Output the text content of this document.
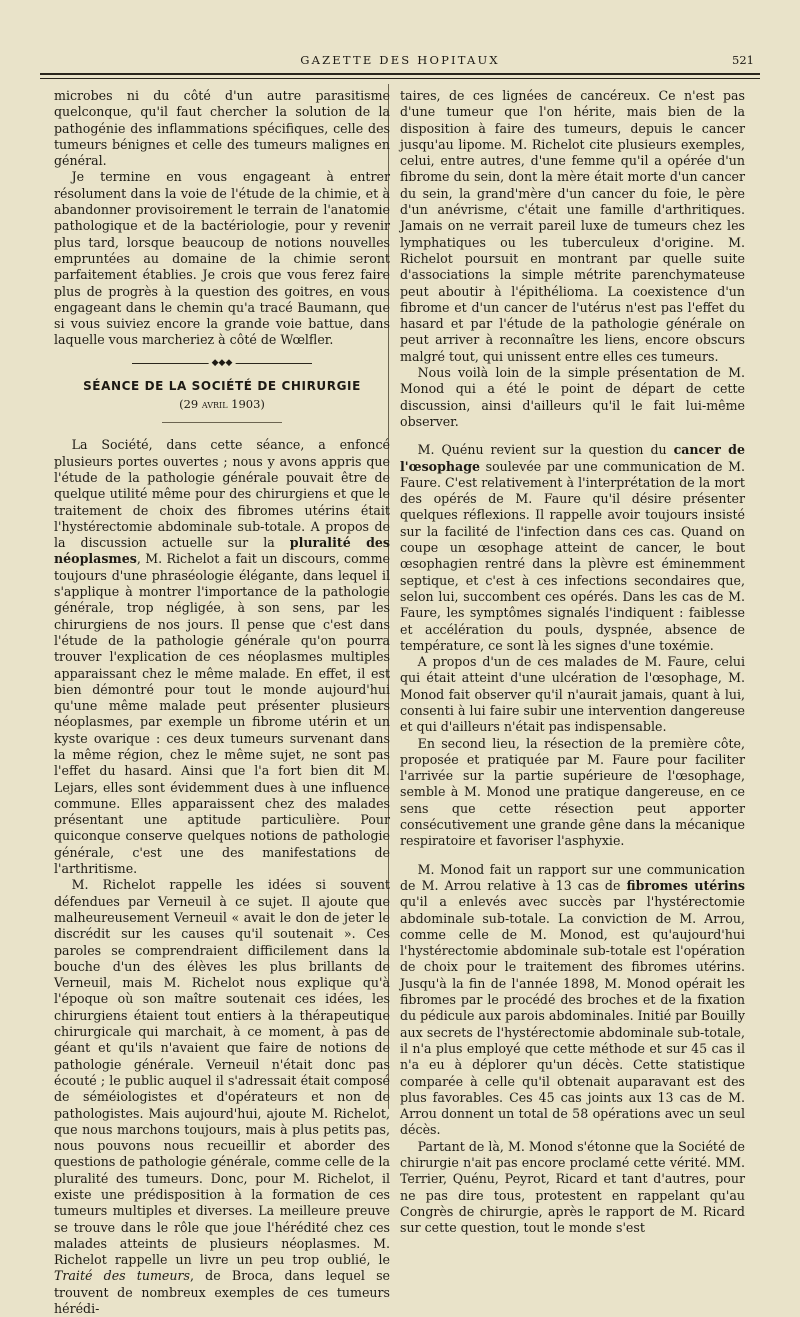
GAZETTE DES HOPITAUX	521

microbes ni du côté d'un autre parasitisme quelconque, qu'il faut chercher la solution de la pathogénie des inflammations spécifiques, celle des tumeurs bénignes et celle des tumeurs malignes en général.

Je termine en vous engageant à entrer résolument dans la voie de l'étude de la chimie, et à abandonner provisoirement le terrain de l'anatomie pathologique et de la bactériologie, pour y revenir plus tard, lorsque beaucoup de notions nouvelles empruntées au domaine de la chimie seront parfaitement établies. Je crois que vous ferez faire plus de progrès à la question des goitres, en vous engageant dans le chemin qu'a tracé Baumann, que si vous suiviez encore la grande voie battue, dans laquelle vous marcheriez à côté de Wœlfler.

◆◆◆
SÉANCE DE LA SOCIÉTÉ DE CHIRURGIE
(29 avril 1903)

La Société, dans cette séance, a enfoncé plusieurs portes ouvertes ; nous y avons appris que l'étude de la pathologie générale pouvait être de quelque utilité même pour des chirurgiens et que le traitement de choix des fibromes utérins était l'hystérectomie abdominale sub-totale. A propos de la discussion actuelle sur la pluralité des néoplasmes, M. Richelot a fait un discours, comme toujours d'une phraséologie élégante, dans lequel il s'applique à montrer l'importance de la pathologie générale, trop négligée, à son sens, par les chirurgiens de nos jours. Il pense que c'est dans l'étude de la pathologie générale qu'on pourra trouver l'explication de ces néoplasmes multiples apparaissant chez le même malade. En effet, il est bien démontré pour tout le monde aujourd'hui qu'une même malade peut présenter plusieurs néoplasmes, par exemple un fibrome utérin et un kyste ovarique : ces deux tumeurs survenant dans la même région, chez le même sujet, ne sont pas l'effet du hasard. Ainsi que l'a fort bien dit M. Lejars, elles sont évidemment dues à une influence commune. Elles apparaissent chez des malades présentant une aptitude particulière. Pour quiconque conserve quelques notions de pathologie générale, c'est une des manifestations de l'arthritisme.

M. Richelot rappelle les idées si souvent défendues par Verneuil à ce sujet. Il ajoute que malheureusement Verneuil « avait le don de jeter le discrédit sur les causes qu'il soutenait ». Ces paroles se comprendraient difficilement dans la bouche d'un des élèves les plus brillants de Verneuil, mais M. Richelot nous explique qu'à l'époque où son maître soutenait ces idées, les chirurgiens étaient tout entiers à la thérapeutique chirurgicale qui marchait, à ce moment, à pas de géant et qu'ils n'avaient que faire de notions de pathologie générale. Verneuil n'était donc pas écouté ; le public auquel il s'adressait était composé de séméiologistes et d'opérateurs et non de pathologistes. Mais aujourd'hui, ajoute M. Richelot, que nous marchons toujours, mais à plus petits pas, nous pouvons nous recueillir et aborder des questions de pathologie générale, comme celle de la pluralité des tumeurs. Donc, pour M. Richelot, il existe une prédisposition à la formation de ces tumeurs multiples et diverses. La meilleure preuve se trouve dans le rôle que joue l'hérédité chez ces malades atteints de plusieurs néoplasmes. M. Richelot rappelle un livre un peu trop oublié, le Traité des tumeurs, de Broca, dans lequel se trouvent de nombreux exemples de ces tumeurs hérédi-

taires, de ces lignées de cancéreux. Ce n'est pas d'une tumeur que l'on hérite, mais bien de la disposition à faire des tumeurs, depuis le cancer jusqu'au lipome. M. Richelot cite plusieurs exemples, celui, entre autres, d'une femme qu'il a opérée d'un fibrome du sein, dont la mère était morte d'un cancer du sein, la grand'mère d'un cancer du foie, le père d'un anévrisme, c'était une famille d'arthritiques. Jamais on ne verrait pareil luxe de tumeurs chez les lymphatiques ou les tuberculeux d'origine. M. Richelot poursuit en montrant par quelle suite d'associations la simple métrite parenchymateuse peut aboutir à l'épithélioma. La coexistence d'un fibrome et d'un cancer de l'utérus n'est pas l'effet du hasard et par l'étude de la pathologie générale on peut arriver à reconnaître les liens, encore obscurs malgré tout, qui unissent entre elles ces tumeurs.

Nous voilà loin de la simple présentation de M. Monod qui a été le point de départ de cette discussion, ainsi d'ailleurs qu'il le fait lui-même observer.

M. Quénu revient sur la question du cancer de l'œsophage soulevée par une communication de M. Faure. C'est relativement à l'interprétation de la mort des opérés de M. Faure qu'il désire présenter quelques réflexions. Il rappelle avoir toujours insisté sur la facilité de l'infection dans ces cas. Quand on coupe un œsophage atteint de cancer, le bout œsophagien rentré dans la plèvre est éminemment septique, et c'est à ces infections secondaires que, selon lui, succombent ces opérés. Dans les cas de M. Faure, les symptômes signalés l'indiquent : faiblesse et accélération du pouls, dyspnée, absence de température, ce sont là les signes d'une toxémie.

A propos d'un de ces malades de M. Faure, celui qui était atteint d'une ulcération de l'œsophage, M. Monod fait observer qu'il n'aurait jamais, quant à lui, consenti à lui faire subir une intervention dangereuse et qui d'ailleurs n'était pas indispensable.

En second lieu, la résection de la première côte, proposée et pratiquée par M. Faure pour faciliter l'arrivée sur la partie supérieure de l'œsophage, semble à M. Monod une pratique dangereuse, en ce sens que cette résection peut apporter consécutivement une grande gêne dans la mécanique respiratoire et favoriser l'asphyxie.

M. Monod fait un rapport sur une communication de M. Arrou relative à 13 cas de fibromes utérins qu'il a enlevés avec succès par l'hystérectomie abdominale sub-totale. La conviction de M. Arrou, comme celle de M. Monod, est qu'aujourd'hui l'hystérectomie abdominale sub-totale est l'opération de choix pour le traitement des fibromes utérins. Jusqu'à la fin de l'année 1898, M. Monod opérait les fibromes par le procédé des broches et de la fixation du pédicule aux parois abdominales. Initié par Bouilly aux secrets de l'hystérectomie abdominale sub-totale, il n'a plus employé que cette méthode et sur 45 cas il n'a eu à déplorer qu'un décès. Cette statistique comparée à celle qu'il obtenait auparavant est des plus favorables. Ces 45 cas joints aux 13 cas de M. Arrou donnent un total de 58 opérations avec un seul décès.

Partant de là, M. Monod s'étonne que la Société de chirurgie n'ait pas encore proclamé cette vérité. MM. Terrier, Quénu, Peyrot, Ricard et tant d'autres, pour ne pas dire tous, protestent en rappelant qu'au Congrès de chirurgie, après le rapport de M. Ricard sur cette question, tout le monde s'est
